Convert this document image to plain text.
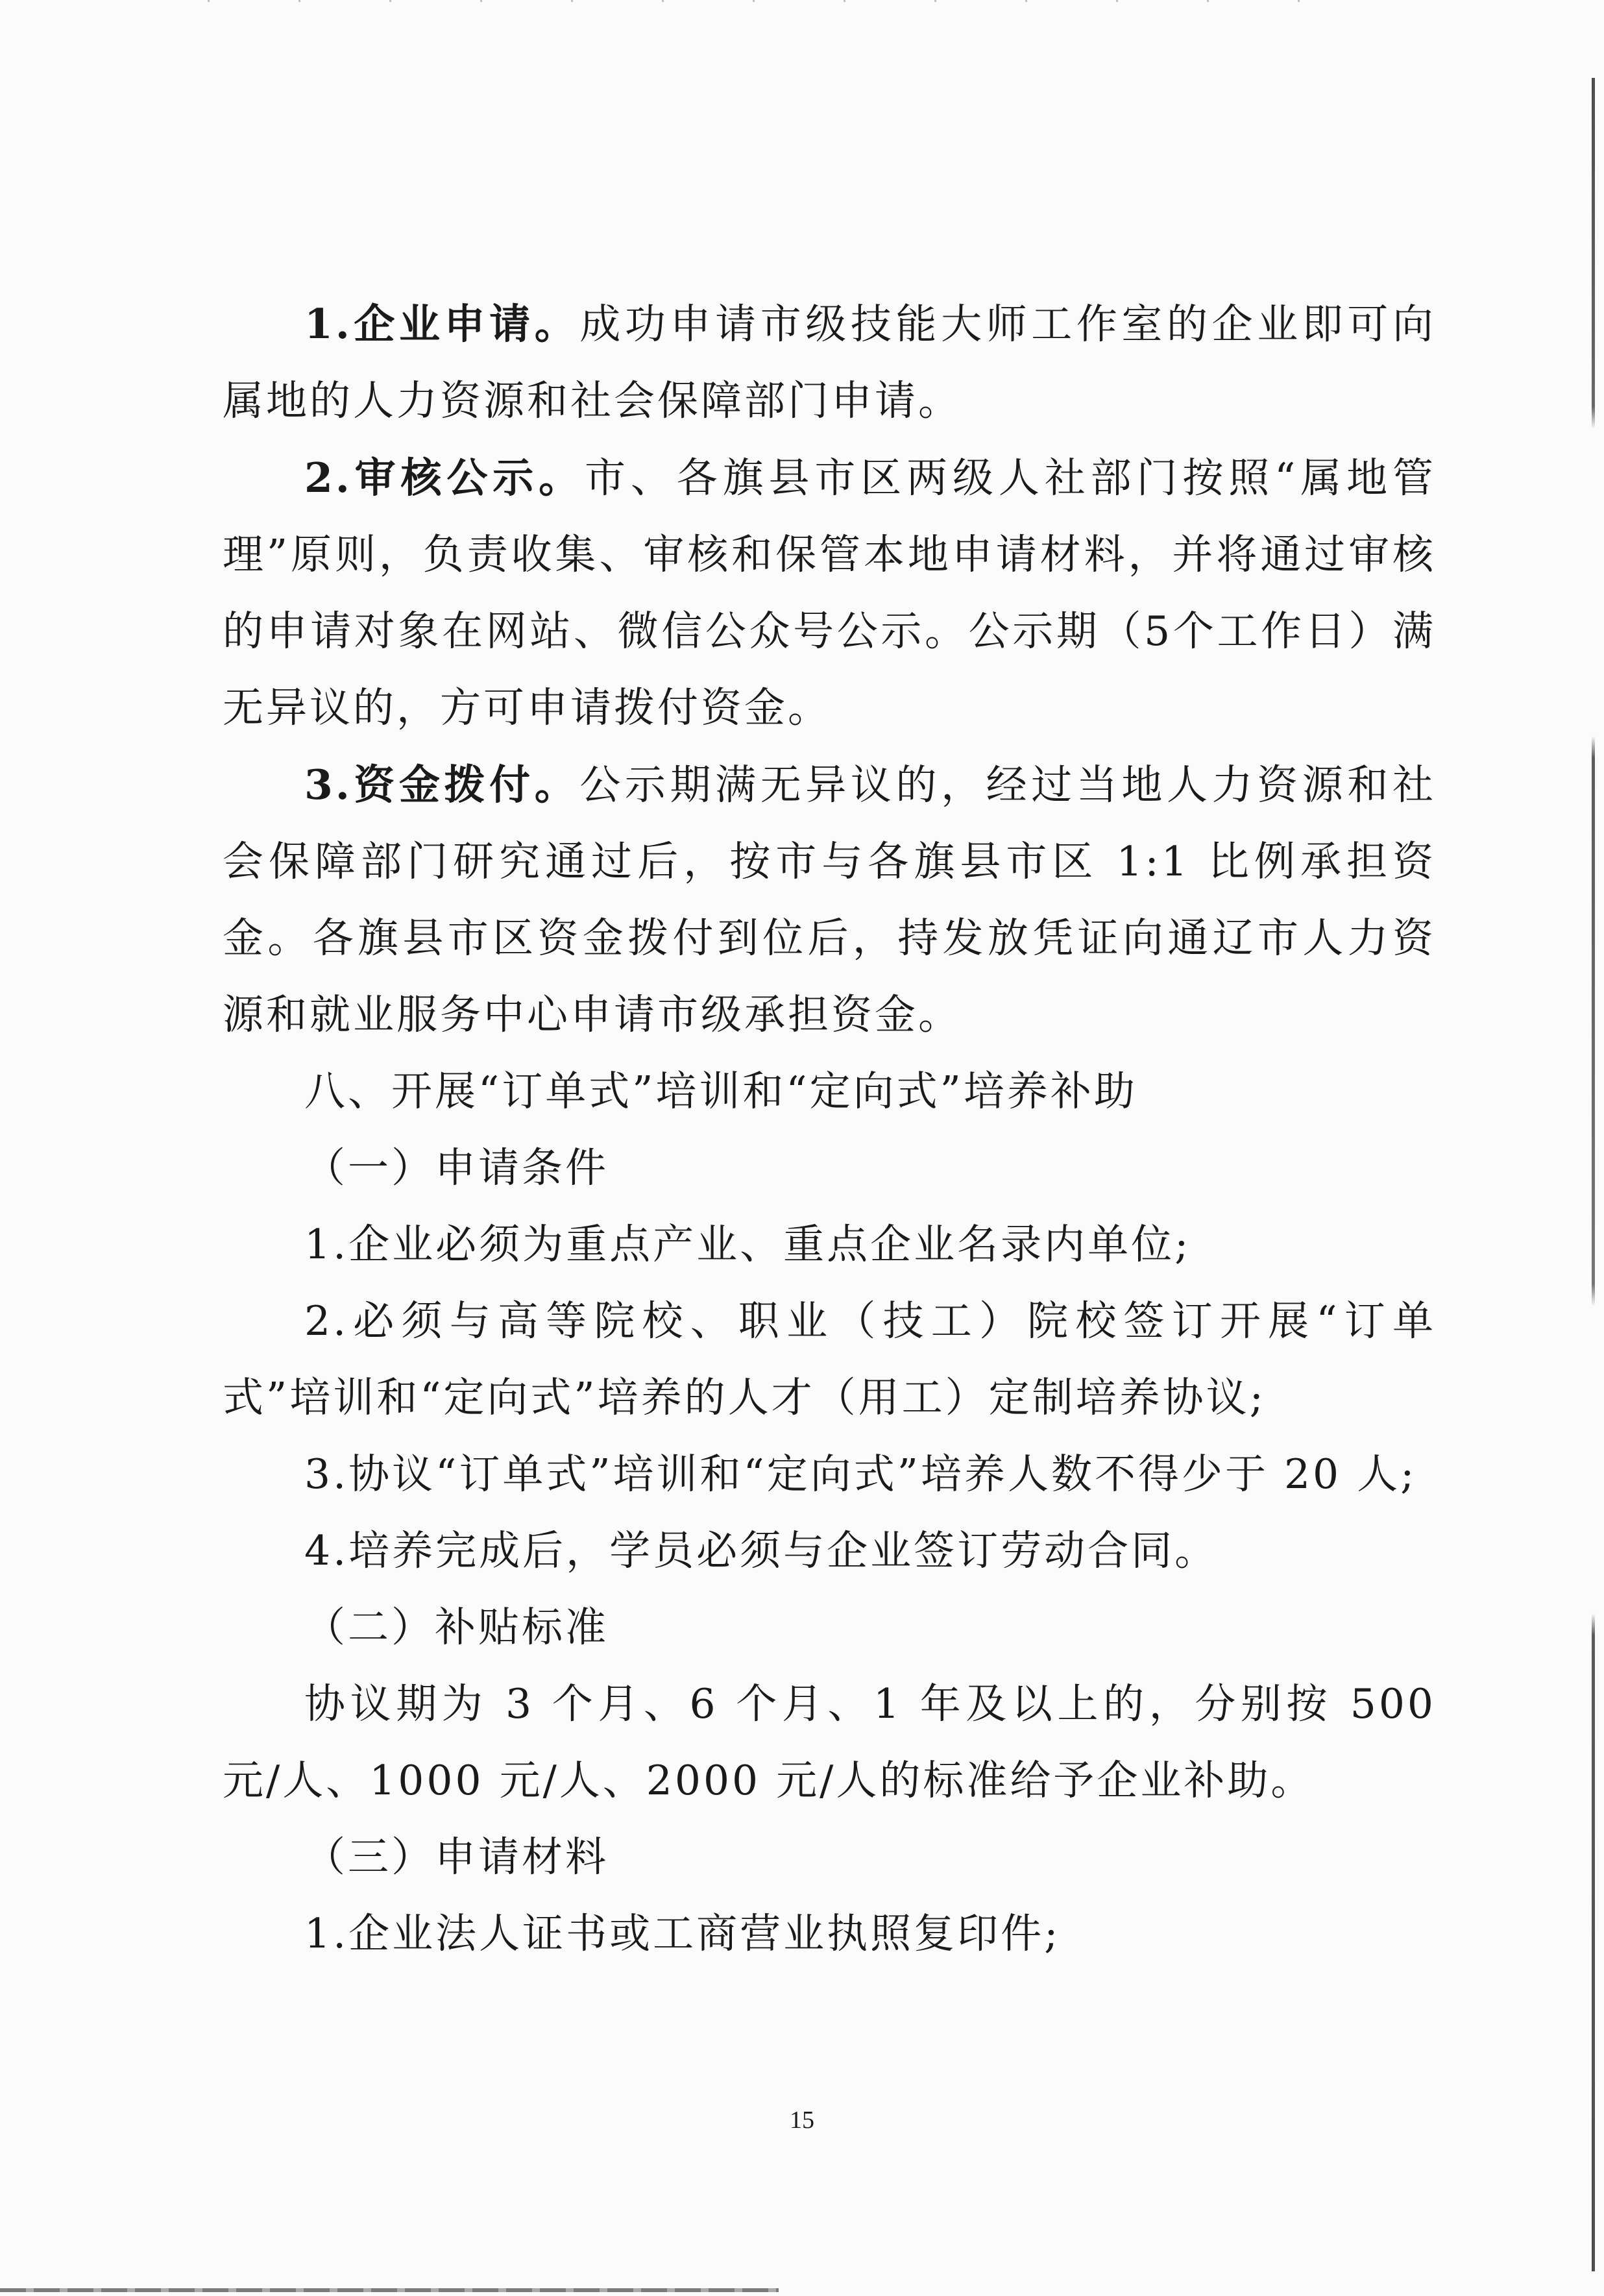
1.企业申请。成功申请市级技能大师工作室的企业即可向属地的人力资源和社会保障部门申请。

2.审核公示。市、各旗县市区两级人社部门按照“属地管理”原则，负责收集、审核和保管本地申请材料，并将通过审核的申请对象在网站、微信公众号公示。公示期（5个工作日）满无异议的，方可申请拨付资金。

3.资金拨付。公示期满无异议的，经过当地人力资源和社会保障部门研究通过后，按市与各旗县市区 1:1 比例承担资金。各旗县市区资金拨付到位后，持发放凭证向通辽市人力资源和就业服务中心申请市级承担资金。

八、开展“订单式”培训和“定向式”培养补助

（一）申请条件

1.企业必须为重点产业、重点企业名录内单位;

2.必须与高等院校、职业（技工）院校签订开展“订单式”培训和“定向式”培养的人才（用工）定制培养协议;

3.协议“订单式”培训和“定向式”培养人数不得少于 20 人;

4.培养完成后，学员必须与企业签订劳动合同。

（二）补贴标准

协议期为 3 个月、6 个月、1 年及以上的，分别按 500 元/人、1000 元/人、2000 元/人的标准给予企业补助。

（三）申请材料

1.企业法人证书或工商营业执照复印件;

15
